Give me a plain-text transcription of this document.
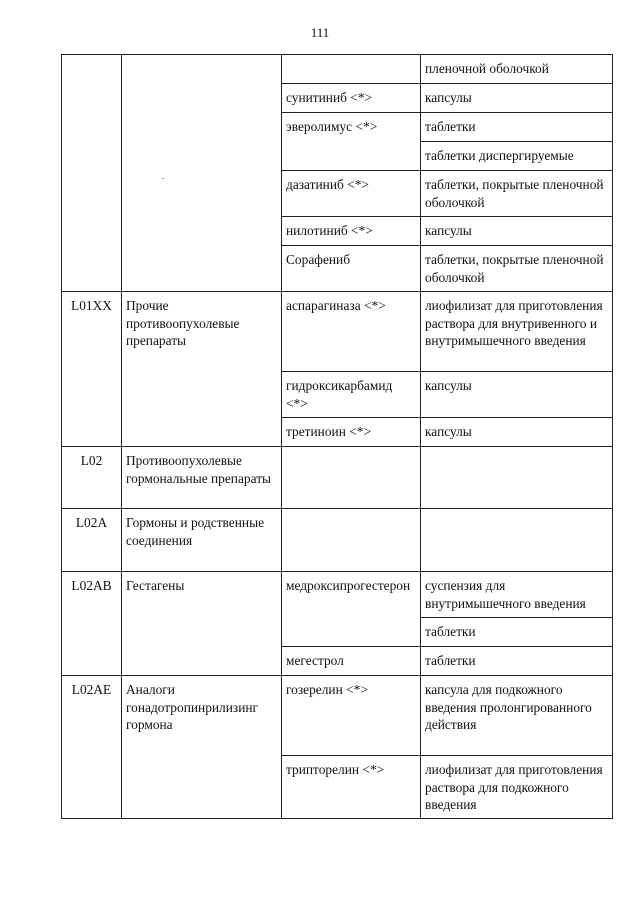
111
			пленочной оболочкой
		сунитиниб <*>	капсулы
		эверолимус <*>	таблетки
			таблетки диспергируемые
		дазатиниб <*>	таблетки, покрытые пленочной оболочкой
		нилотиниб <*>	капсулы
		Сорафениб	таблетки, покрытые пленочной оболочкой
L01XX	Прочие противоопухолевые препараты	аспарагиназа <*>	лиофилизат для приготовления раствора для внутривенного и внутримышечного введения
		гидроксикарбамид <*>	капсулы
		третиноин <*>	капсулы
L02	Противоопухолевые гормональные препараты		
L02A	Гормоны и родственные соединения		
L02AB	Гестагены	медроксипрогестерон	суспензия для внутримышечного введения
			таблетки
		мегестрол	таблетки
L02AE	Аналоги гонадотропинрилизинг гормона	гозерелин <*>	капсула для подкожного введения пролонгированного действия
		трипторелин <*>	лиофилизат для приготовления раствора для подкожного введения
